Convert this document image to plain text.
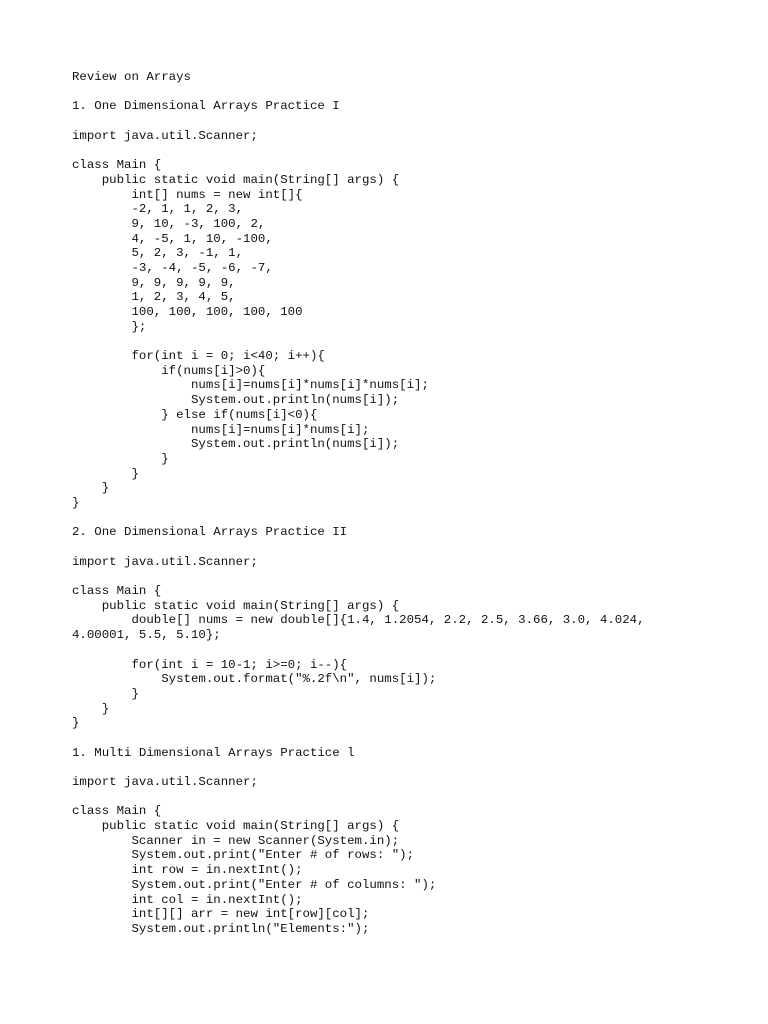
Review on Arrays
1. One Dimensional Arrays Practice I
import java.util.Scanner;
class Main {
public static void main(String[] args) {
int[] nums = new int[]{
-2, 1, 1, 2, 3,
9, 10, -3, 100, 2,
4, -5, 1, 10, -100,
5, 2, 3, -1, 1,
-3, -4, -5, -6, -7,
9, 9, 9, 9, 9,
1, 2, 3, 4, 5,
100, 100, 100, 100, 100
};
for(int i = 0; i<40; i++){
if(nums[i]>0){
nums[i]=nums[i]*nums[i]*nums[i];
System.out.println(nums[i]);
} else if(nums[i]<0){
nums[i]=nums[i]*nums[i];
System.out.println(nums[i]);
}
}
}
}
2. One Dimensional Arrays Practice II
import java.util.Scanner;
class Main {
public static void main(String[] args) {
double[] nums = new double[]{1.4, 1.2054, 2.2, 2.5, 3.66, 3.0, 4.024,
4.00001, 5.5, 5.10};
for(int i = 10-1; i>=0; i--){
System.out.format("%.2f\n", nums[i]);
}
}
}
1. Multi Dimensional Arrays Practice l
import java.util.Scanner;
class Main {
public static void main(String[] args) {
Scanner in = new Scanner(System.in);
System.out.print("Enter # of rows: ");
int row = in.nextInt();
System.out.print("Enter # of columns: ");
int col = in.nextInt();
int[][] arr = new int[row][col];
System.out.println("Elements:");
